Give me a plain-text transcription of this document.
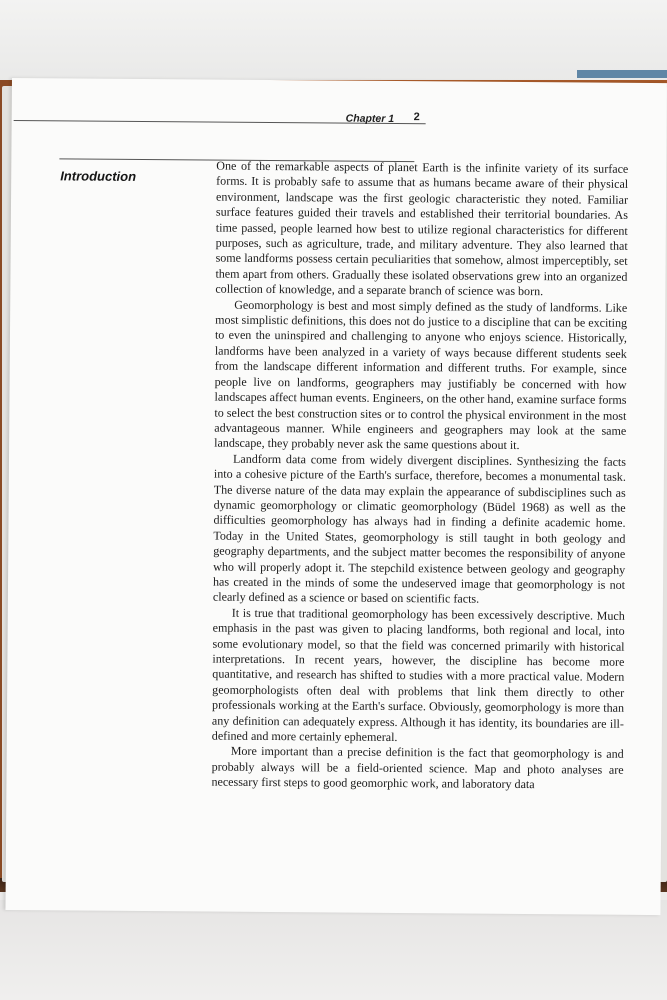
Chapter 1 2
Introduction

One of the remarkable aspects of planet Earth is the infinite variety of its surface forms. It is probably safe to assume that as humans became aware of their physical environment, landscape was the first geologic characteristic they noted. Familiar surface features guided their travels and established their territorial boundaries. As time passed, people learned how best to utilize regional characteristics for different purposes, such as agriculture, trade, and military adventure. They also learned that some landforms possess certain peculiarities that somehow, almost imperceptibly, set them apart from others. Gradually these isolated observations grew into an organized collection of knowledge, and a separate branch of science was born.

Geomorphology is best and most simply defined as the study of landforms. Like most simplistic definitions, this does not do justice to a discipline that can be exciting to even the uninspired and challenging to anyone who enjoys science. Historically, landforms have been analyzed in a variety of ways because different students seek from the landscape different information and different truths. For example, since people live on landforms, geographers may justifiably be concerned with how landscapes affect human events. Engineers, on the other hand, examine surface forms to select the best construction sites or to control the physical environment in the most advantageous manner. While engineers and geographers may look at the same landscape, they probably never ask the same questions about it.

Landform data come from widely divergent disciplines. Synthesizing the facts into a cohesive picture of the Earth's surface, therefore, becomes a monumental task. The diverse nature of the data may explain the appearance of subdisciplines such as dynamic geomorphology or climatic geomorphology (Büdel 1968) as well as the difficulties geomorphology has always had in finding a definite academic home. Today in the United States, geomorphology is still taught in both geology and geography departments, and the subject matter becomes the responsibility of anyone who will properly adopt it. The stepchild existence between geology and geography has created in the minds of some the undeserved image that geomorphology is not clearly defined as a science or based on scientific facts.

It is true that traditional geomorphology has been excessively descriptive. Much emphasis in the past was given to placing landforms, both regional and local, into some evolutionary model, so that the field was concerned primarily with historical interpretations. In recent years, however, the discipline has become more quantitative, and research has shifted to studies with a more practical value. Modern geomorphologists often deal with problems that link them directly to other professionals working at the Earth's surface. Obviously, geomorphology is more than any definition can adequately express. Although it has identity, its boundaries are ill-defined and more certainly ephemeral.

More important than a precise definition is the fact that geomorphology is and probably always will be a field-oriented science. Map and photo analyses are necessary first steps to good geomorphic work, and laboratory data
